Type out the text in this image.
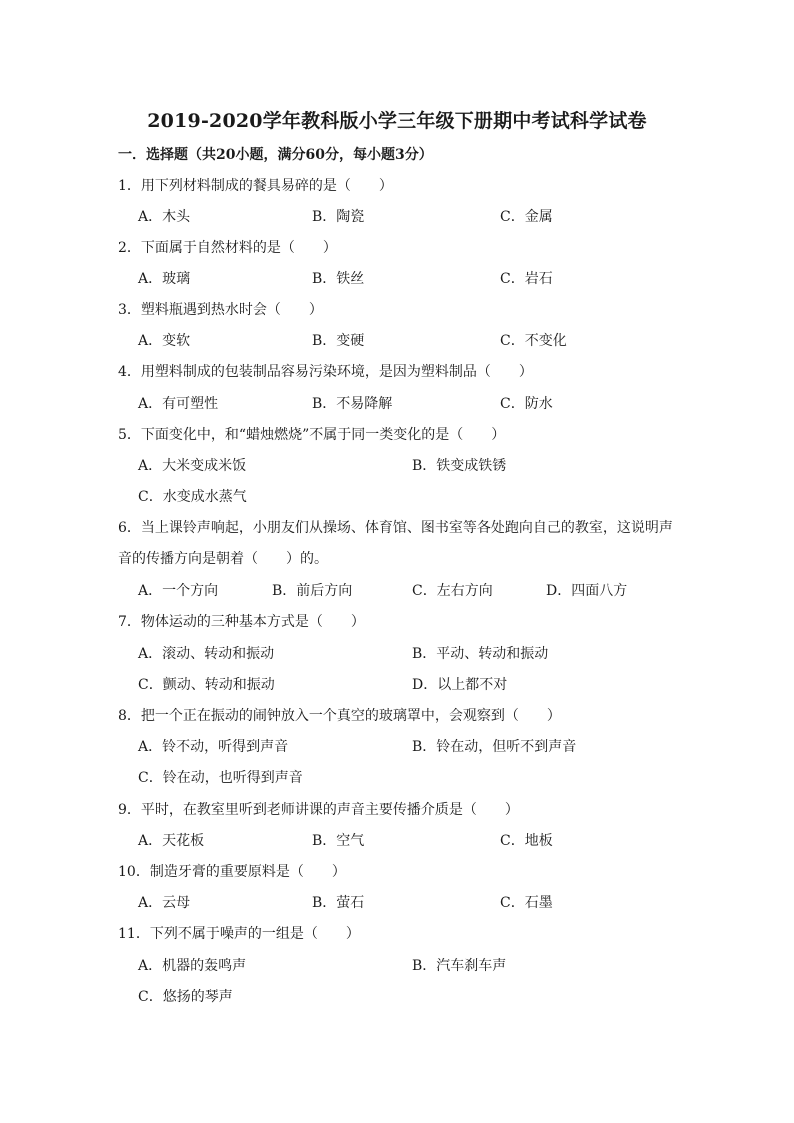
2019-2020学年教科版小学三年级下册期中考试科学试卷
一．选择题（共20小题，满分60分，每小题3分）
1．用下列材料制成的餐具易碎的是（　　）
A．木头	B．陶瓷	C．金属
2．下面属于自然材料的是（　　）
A．玻璃	B．铁丝	C．岩石
3．塑料瓶遇到热水时会（　　）
A．变软	B．变硬	C．不变化
4．用塑料制成的包装制品容易污染环境，是因为塑料制品（　　）
A．有可塑性	B．不易降解	C．防水
5．下面变化中，和“蜡烛燃烧”不属于同一类变化的是（　　）
A．大米变成米饭	B．铁变成铁锈
C．水变成水蒸气
6．当上课铃声响起，小朋友们从操场、体育馆、图书室等各处跑向自己的教室，这说明声
音的传播方向是朝着（　　）的。
A．一个方向	B．前后方向	C．左右方向	D．四面八方
7．物体运动的三种基本方式是（　　）
A．滚动、转动和振动	B．平动、转动和振动
C．颤动、转动和振动	D．以上都不对
8．把一个正在振动的闹钟放入一个真空的玻璃罩中，会观察到（　　）
A．铃不动，听得到声音	B．铃在动，但听不到声音
C．铃在动，也听得到声音
9．平时，在教室里听到老师讲课的声音主要传播介质是（　　）
A．天花板	B．空气	C．地板
10．制造牙膏的重要原料是（　　）
A．云母	B．萤石	C．石墨
11．下列不属于噪声的一组是（　　）
A．机器的轰鸣声	B．汽车刹车声
C．悠扬的琴声
